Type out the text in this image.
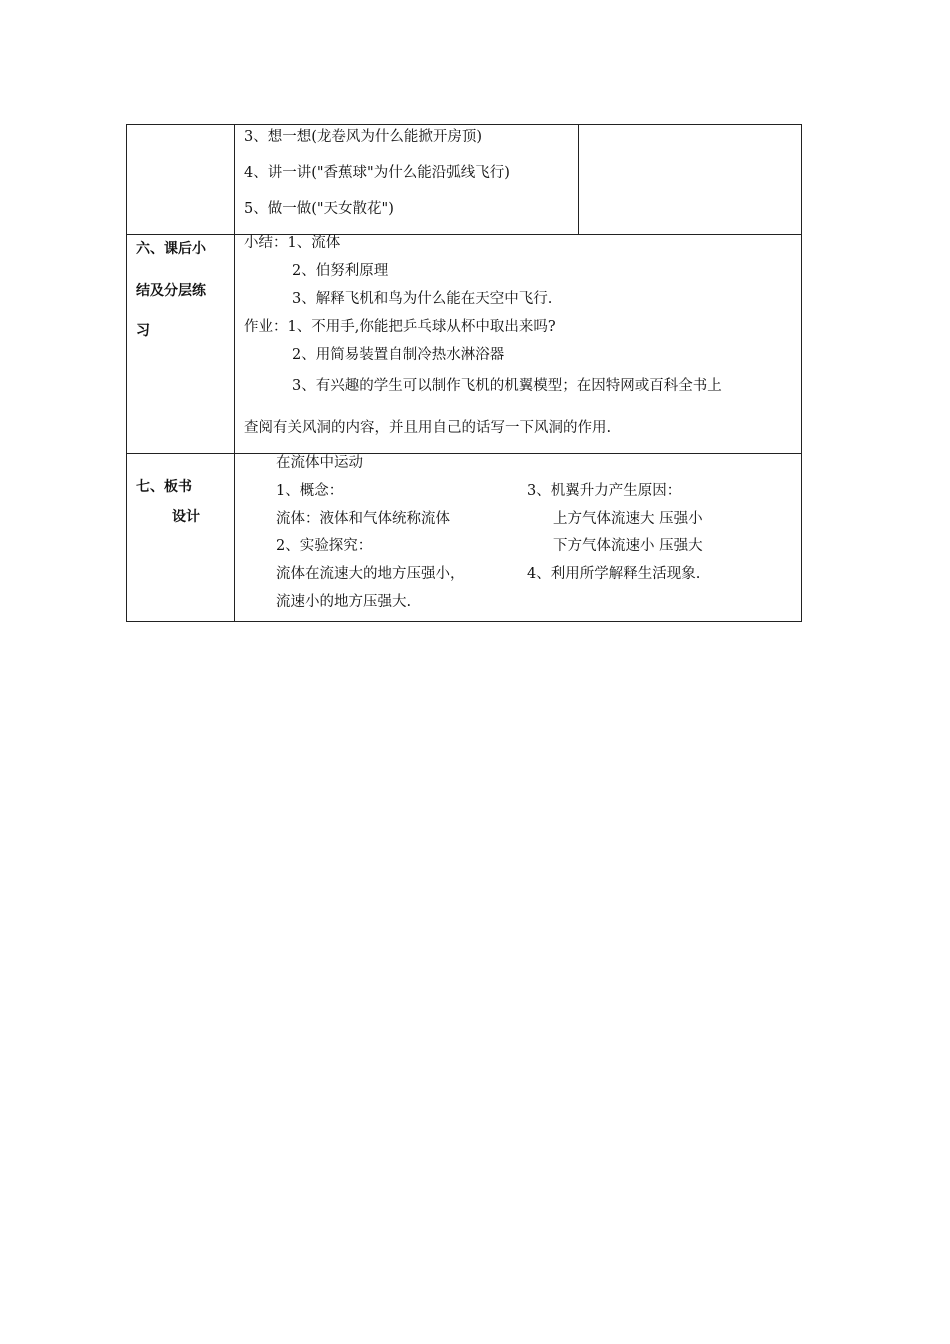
3、想一想(龙卷风为什么能掀开房顶)
4、讲一讲("香蕉球"为什么能沿弧线飞行)
5、做一做("天女散花")
六、课后小
结及分层练
习
小结：1、流体
2、伯努利原理
3、解释飞机和鸟为什么能在天空中飞行.
作业：1、不用手,你能把乒乓球从杯中取出来吗?
2、用简易装置自制冷热水淋浴器
3、有兴趣的学生可以制作飞机的机翼模型；在因特网或百科全书上
查阅有关风洞的内容，并且用自己的话写一下风洞的作用.
七、板书
设计
在流体中运动
1、概念：
流体：液体和气体统称流体
2、实验探究：
流体在流速大的地方压强小，
流速小的地方压强大.
3、机翼升力产生原因：
上方气体流速大 压强小
下方气体流速小 压强大
4、利用所学解释生活现象.
